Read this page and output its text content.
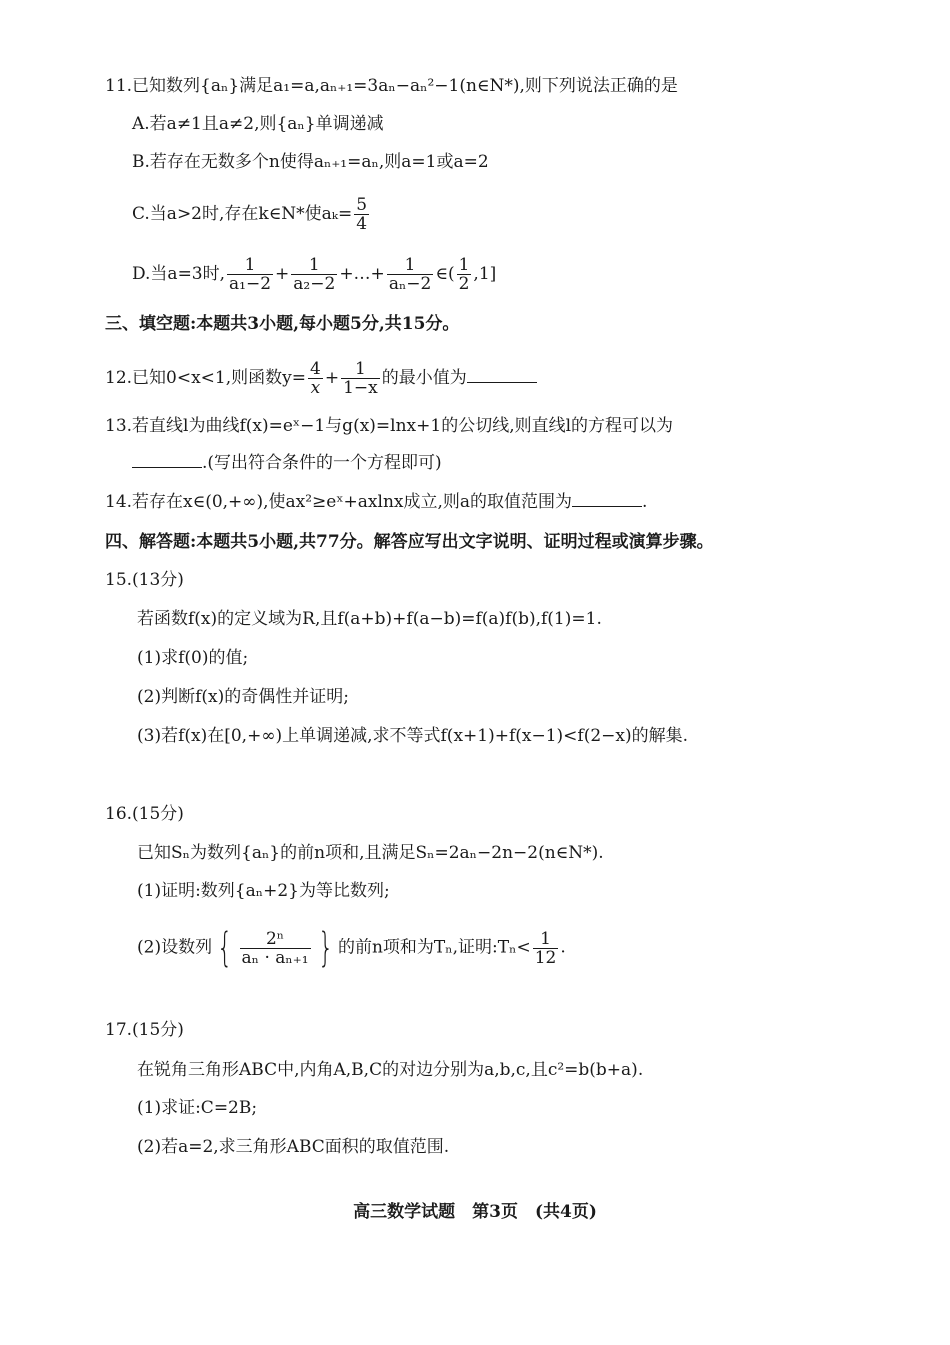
11.已知数列{aₙ}满足a₁=a,aₙ₊₁=3aₙ−aₙ²−1(n∈N*),则下列说法正确的是
A.若a≠1且a≠2,则{aₙ}单调递减
B.若存在无数多个n使得aₙ₊₁=aₙ,则a=1或a=2
C.当a>2时,存在k∈N*使$a_k= \frac{5}{4}$
D.当a=3时, $\frac{1}{\text{a₁−2}} + \frac{1}{\text{a₂−2}}$ +…+ $\frac{1}{\text{aₙ−2}}$ ∈( $\frac{1}{2} ,1$]
三、填空题:本题共3小题,每小题5分,共15分。
12.已知0<x<1,则函数$y= \frac{4}{x} + \frac{1}{1-x}$ 的最小值为
13.若直线l为曲线f(x)=eˣ−1与g(x)=lnx+1的公切线,则直线l的方程可以为
.(写出符合条件的一个方程即可)
14.若存在x∈(0,+∞),使ax²≥eˣ+axlnx成立,则a的取值范围为	.
四、解答题:本题共5小题,共77分。解答应写出文字说明、证明过程或演算步骤。
15.(13分)
若函数f(x)的定义域为R,且f(a+b)+f(a−b)=f(a)f(b),f(1)=1.
(1)求f(0)的值;
(2)判断f(x)的奇偶性并证明;
(3)若f(x)在[0,+∞)上单调递减,求不等式f(x+1)+f(x−1)<f(2−x)的解集.
16.(15分)
已知Sₙ为数列{aₙ}的前n项和,且满足Sₙ=2aₙ−2n−2(n∈N*).
(1)证明:数列{aₙ+2}为等比数列;
(2)设数列 { $\frac{\text{2ⁿ}}{\text{aₙ · aₙ₊₁}}$ } 的前n项和为Tₙ,证明:Tₙ< $\frac{1}{12}$ .
17.(15分)
在锐角三角形ABC中,内角A,B,C的对边分别为a,b,c,且c²=b(b+a).
(1)求证:C=2B;
(2)若a=2,求三角形ABC面积的取值范围.
高三数学试题　第3页　(共4页)
